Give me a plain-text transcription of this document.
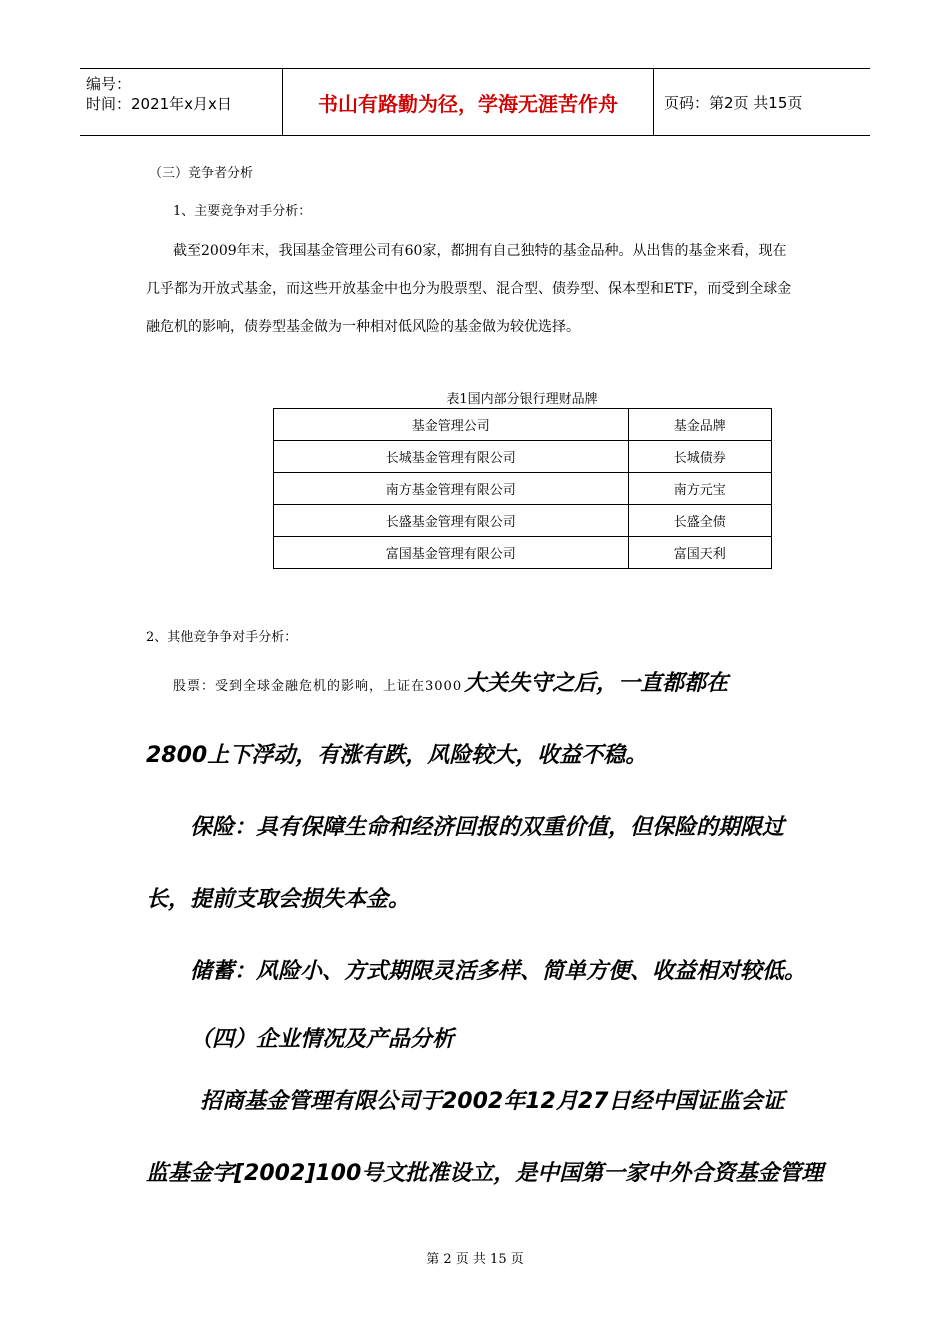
编号：
时间：2021年x月x日	书山有路勤为径，学海无涯苦作舟	页码：第2页 共15页
（三）竞争者分析
1、主要竞争对手分析：
截至2009年末，我国基金管理公司有60家，都拥有自己独特的基金品种。从出售的基金来看，现在
几乎都为开放式基金，而这些开放基金中也分为股票型、混合型、债券型、保本型和ETF，而受到全球金
融危机的影响，债券型基金做为一种相对低风险的基金做为较优选择。
表1国内部分银行理财品牌
基金管理公司	基金品牌
长城基金管理有限公司	长城债券
南方基金管理有限公司	南方元宝
长盛基金管理有限公司	长盛全债
富国基金管理有限公司	富国天利
2、其他竞争争对手分析：
股票：受到全球金融危机的影响，上证在3000 大关失守之后，一直都都在
2800上下浮动，有涨有跌，风险较大，收益不稳。
保险：具有保障生命和经济回报的双重价值，但保险的期限过
长，提前支取会损失本金。
储蓄：风险小、方式期限灵活多样、简单方便、收益相对较低。
（四）企业情况及产品分析
招商基金管理有限公司于2002年12月27日经中国证监会证
监基金字[2002]100号文批准设立，是中国第一家中外合资基金管理
第 2 页 共 15 页
